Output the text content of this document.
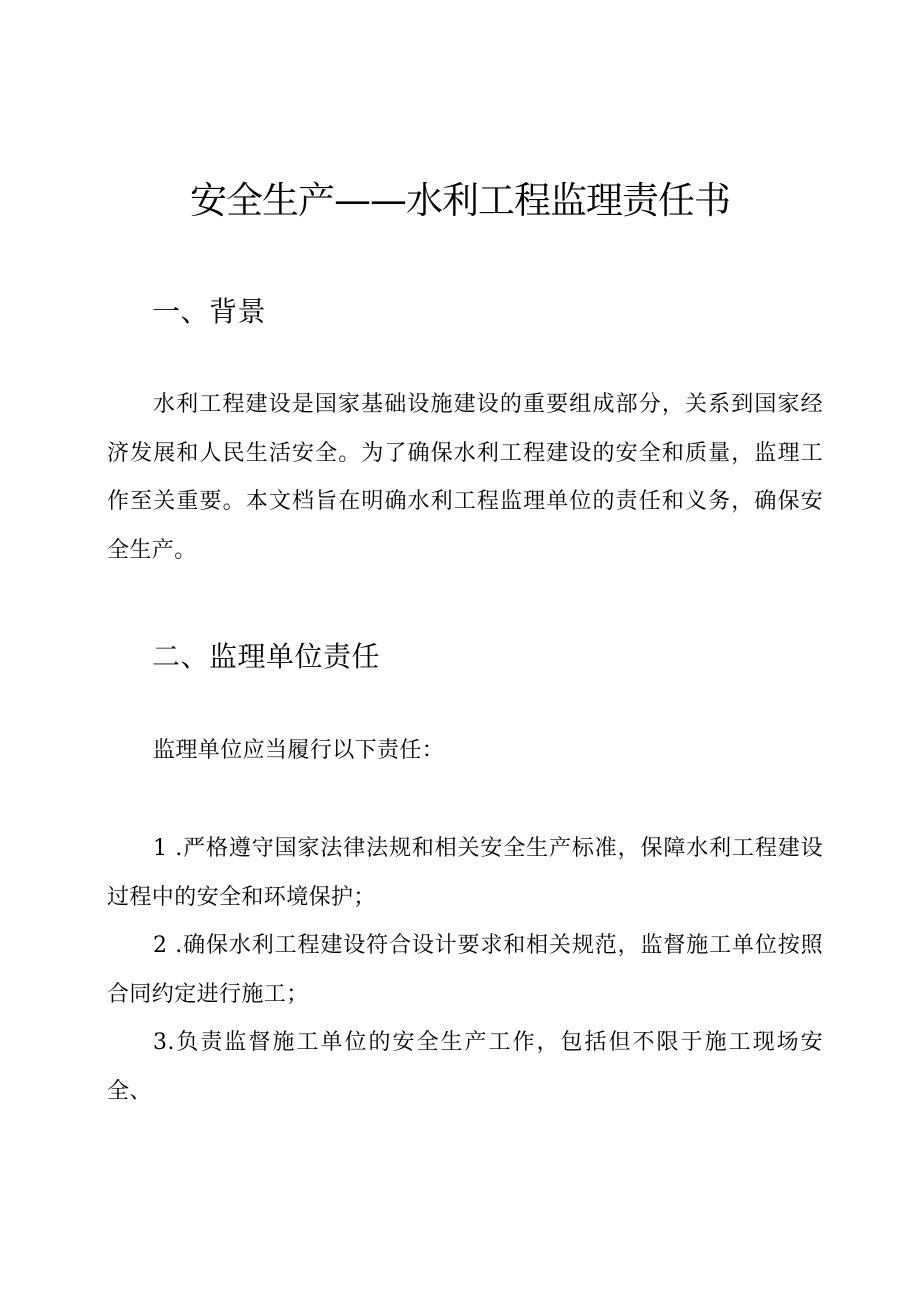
安全生产——水利工程监理责任书
一、背景

水利工程建设是国家基础设施建设的重要组成部分，关系到国家经济发展和人民生活安全。为了确保水利工程建设的安全和质量，监理工作至关重要。本文档旨在明确水利工程监理单位的责任和义务，确保安全生产。

二、监理单位责任

监理单位应当履行以下责任：

1 .严格遵守国家法律法规和相关安全生产标准，保障水利工程建设过程中的安全和环境保护；

2 .确保水利工程建设符合设计要求和相关规范，监督施工单位按照合同约定进行施工；

3.负责监督施工单位的安全生产工作，包括但不限于施工现场安全、
